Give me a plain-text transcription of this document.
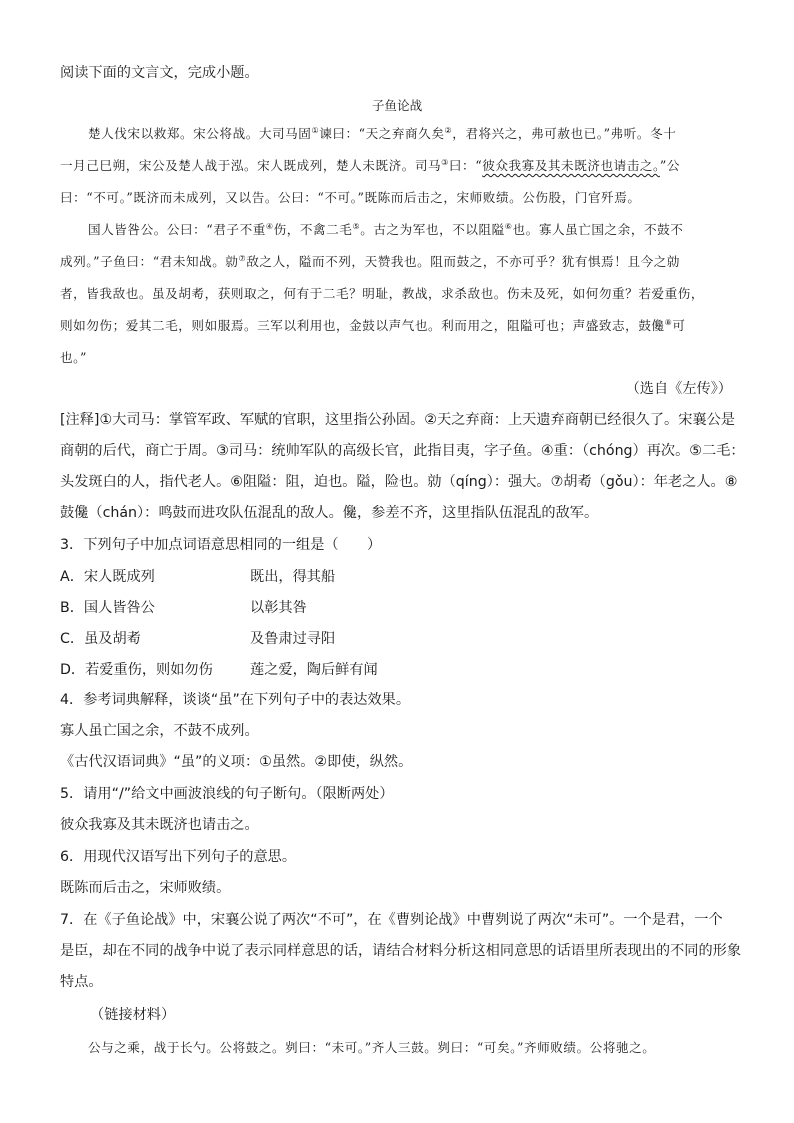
阅读下面的文言文，完成小题。
子鱼论战
楚人伐宋以救郑。宋公将战。大司马固①谏曰：“天之弃商久矣②，君将兴之，弗可赦也已。”弗听。冬十
一月己巳朔，宋公及楚人战于泓。宋人既成列，楚人未既济。司马③曰：“彼众我寡及其未既济也请击之。”公
曰：“不可。”既济而未成列，又以告。公曰：“不可。”既陈而后击之，宋师败绩。公伤股，门官歼焉。
国人皆咎公。公曰：“君子不重④伤，不禽二毛⑤。古之为军也，不以阻隘⑥也。寡人虽亡国之余，不鼓不
成列。”子鱼曰：“君未知战。勍⑦敌之人，隘而不列，天赞我也。阻而鼓之，不亦可乎？犹有惧焉！且今之勍
者，皆我敌也。虽及胡耇，获则取之，何有于二毛？明耻，教战，求杀敌也。伤未及死，如何勿重？若爱重伤，
则如勿伤；爱其二毛，则如服焉。三军以利用也，金鼓以声气也。利而用之，阻隘可也；声盛致志，鼓儳⑧可
也。”
（选自《左传》）
[注释]①大司马：掌管军政、军赋的官职，这里指公孙固。②天之弃商：上天遗弃商朝已经很久了。宋襄公是
商朝的后代，商亡于周。③司马：统帅军队的高级长官，此指目夷，字子鱼。④重：（chóng）再次。⑤二毛：
头发斑白的人，指代老人。⑥阻隘：阻，迫也。隘，险也。勍（qíng）：强大。⑦胡耇（gǒu）：年老之人。⑧
鼓儳（chán）：鸣鼓而进攻队伍混乱的敌人。儳，参差不齐，这里指队伍混乱的敌军。
3．下列句子中加点词语意思相同的一组是（　　）
A．宋人既成列	既出，得其船
B．国人皆咎公	以彰其咎
C．虽及胡耇	及鲁肃过寻阳
D．若爱重伤，则如勿伤	莲之爱，陶后鲜有闻
4．参考词典解释，谈谈“虽”在下列句子中的表达效果。
寡人虽亡国之余，不鼓不成列。
《古代汉语词典》“虽”的义项：①虽然。②即使，纵然。
5．请用“/”给文中画波浪线的句子断句。（限断两处）
彼众我寡及其未既济也请击之。
6．用现代汉语写出下列句子的意思。
既陈而后击之，宋师败绩。
7．在《子鱼论战》中，宋襄公说了两次“不可”，在《曹刿论战》中曹刿说了两次“未可”。一个是君，一个
是臣，却在不同的战争中说了表示同样意思的话，请结合材料分析这相同意思的话语里所表现出的不同的形象
特点。
（链接材料）
公与之乘，战于长勺。公将鼓之。刿曰：“未可。”齐人三鼓。刿曰：“可矣。”齐师败绩。公将驰之。
